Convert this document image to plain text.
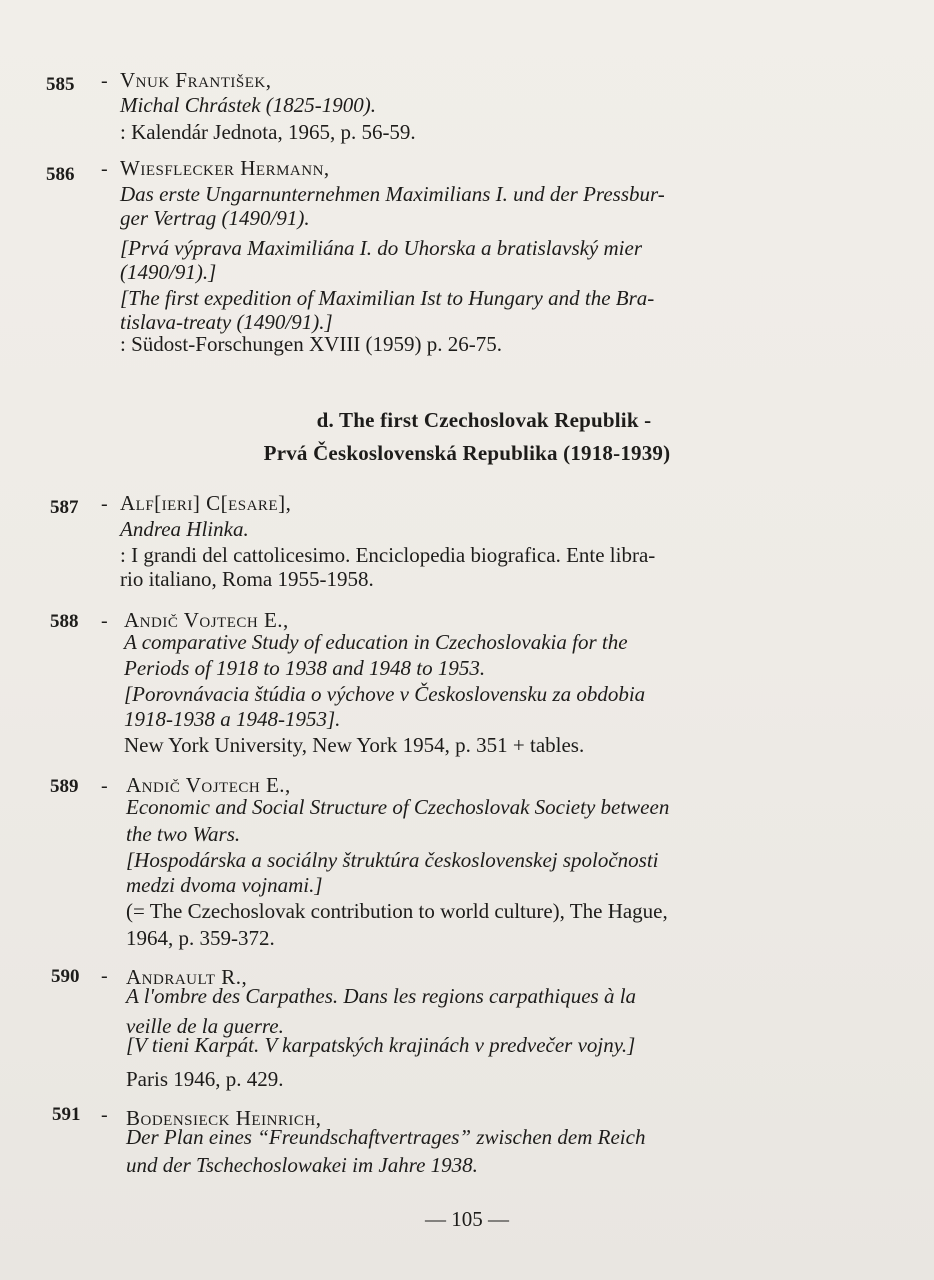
585 - Vnuk František,
Michal Chrástek (1825-1900).
: Kalendár Jednota, 1965, p. 56-59.
586 - Wiesflecker Hermann,
Das erste Ungarnunternehmen Maximilians I. und der Pressbur-
ger Vertrag (1490/91).
[Prvá výprava Maximiliána I. do Uhorska a bratislavský mier
(1490/91).]
[The first expedition of Maximilian Ist to Hungary and the Bra-
tislava-treaty (1490/91).]
: Südost-Forschungen XVIII (1959) p. 26-75.
d. The first Czechoslovak Republik -
Prvá Československá Republika (1918-1939)
587 - Alf[ieri] C[esare],
Andrea Hlinka.
: I grandi del cattolicesimo. Enciclopedia biografica. Ente libra-
rio italiano, Roma 1955-1958.
588 - Andič Vojtech E.,
A comparative Study of education in Czechoslovakia for the
Periods of 1918 to 1938 and 1948 to 1953.
[Porovnávacia štúdia o výchove v Československu za obdobia
1918-1938 a 1948-1953].
New York University, New York 1954, p. 351 + tables.
589 - Andič Vojtech E.,
Economic and Social Structure of Czechoslovak Society between
the two Wars.
[Hospodárska a sociálny štruktúra československej spoločnosti
medzi dvoma vojnami.]
(= The Czechoslovak contribution to world culture), The Hague,
1964, p. 359-372.
590 - Andrault R.,
A l'ombre des Carpathes. Dans les regions carpathiques à la
veille de la guerre.
[V tieni Karpát. V karpatských krajinách v predvečer vojny.]
Paris 1946, p. 429.
591 - Bodensieck Heinrich,
Der Plan eines “Freundschaftvertrages” zwischen dem Reich
und der Tschechoslowakei im Jahre 1938.
— 105 —
